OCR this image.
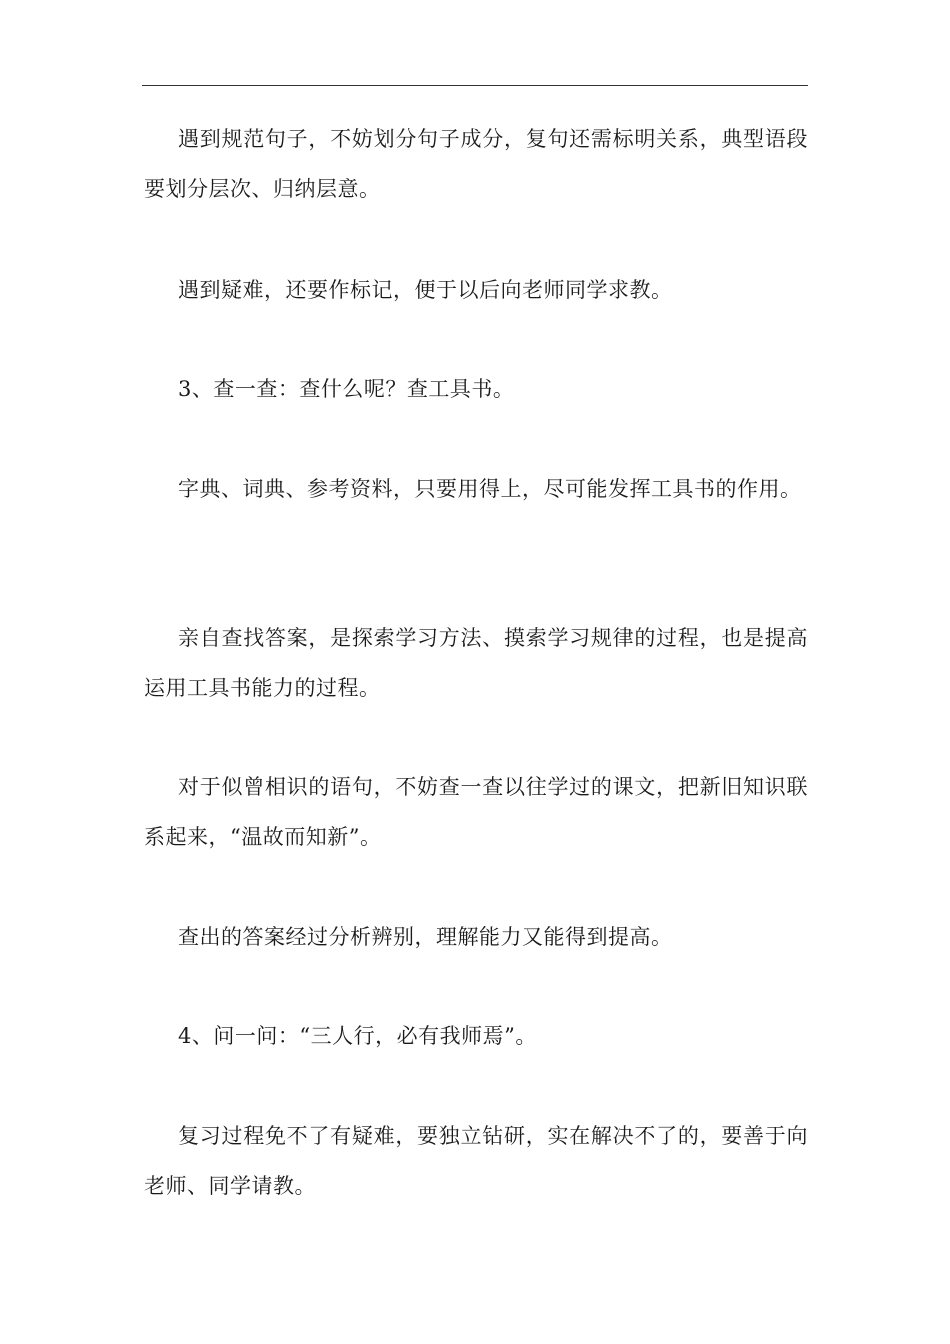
遇到规范句子，不妨划分句子成分，复句还需标明关系，典型语段要划分层次、归纳层意。

遇到疑难，还要作标记，便于以后向老师同学求教。

3、查一查：查什么呢？查工具书。

字典、词典、参考资料，只要用得上，尽可能发挥工具书的作用。

亲自查找答案，是探索学习方法、摸索学习规律的过程，也是提高运用工具书能力的过程。

对于似曾相识的语句，不妨查一查以往学过的课文，把新旧知识联系起来，“温故而知新”。

查出的答案经过分析辨别，理解能力又能得到提高。

4、问一问：“三人行，必有我师焉”。

复习过程免不了有疑难，要独立钻研，实在解决不了的，要善于向老师、同学请教。
